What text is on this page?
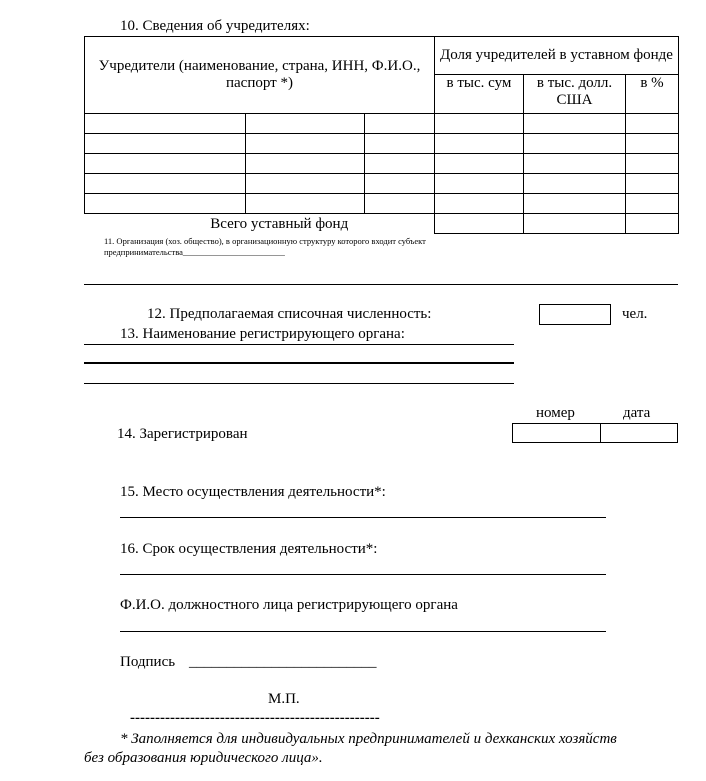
10. Сведения об учредителях:
Учредители (наименование, страна, ИНН, Ф.И.О., паспорт *)			Доля учредителей в уставном фонде		
			в тыс. сум	в тыс. долл. США	в %

Всего уставный фонд					
11. Организация (хоз. общество), в организационную структуру которого входит субъект
предпринимательства________________________
12. Предполагаемая списочная численность:	чел.
13. Наименование регистрирующего органа:
номер	дата
14. Зарегистрирован
15. Место осуществления деятельности*:
16. Срок осуществления деятельности*:
Ф.И.О. должностного лица регистрирующего органа
Подпись _________________________
М.П.
--------------------------------------------------
* Заполняется для индивидуальных предпринимателей и дехканских хозяйств
без образования юридического лица».
